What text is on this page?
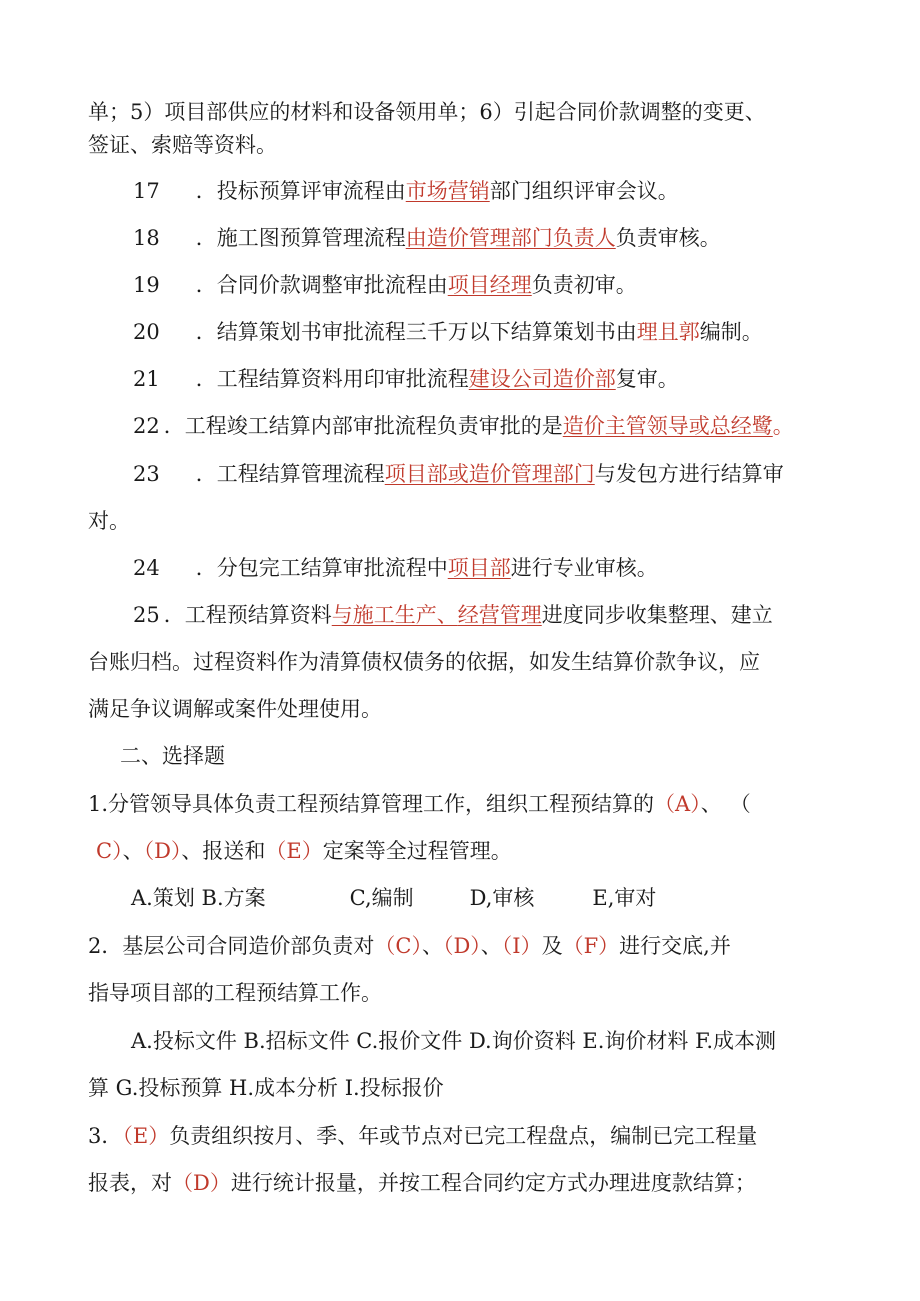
单；5）项目部供应的材料和设备领用单；6）引起合同价款调整的变更、
签证、索赔等资料。
17 ．投标预算评审流程由市场营销部门组织评审会议。
18 ．施工图预算管理流程由造价管理部门负责人负责审核。
19 ．合同价款调整审批流程由项目经理负责初审。
20 ．结算策划书审批流程三千万以下结算策划书由理且郭编制。
21 ．工程结算资料用印审批流程建设公司造价部复审。
22 ．工程竣工结算内部审批流程负责审批的是造价主管领导或总经鹭。
23 ．工程结算管理流程项目部或造价管理部门与发包方进行结算审
对。
24 ．分包完工结算审批流程中项目部进行专业审核。
25 ．工程预结算资料与施工生产、经营管理进度同步收集整理、建立
台账归档。过程资料作为清算债权债务的依据，如发生结算价款争议，应
满足争议调解或案件处理使用。
二、选择题
1.分管领导具体负责工程预结算管理工作，组织工程预结算的（A）、 （
C）、（D）、报送和（E）定案等全过程管理。
A.策划 B.方案	C,编制	D,审核	E,审对
2．基层公司合同造价部负责对（C）、（D）、（I）及（F）进行交底,并
指导项目部的工程预结算工作。
A.投标文件 B.招标文件 C.报价文件 D.询价资料 E.询价材料 F.成本测
算 G.投标预算 H.成本分析 I.投标报价
3．（E）负责组织按月、季、年或节点对已完工程盘点，编制已完工程量
报表，对（D）进行统计报量，并按工程合同约定方式办理进度款结算；
